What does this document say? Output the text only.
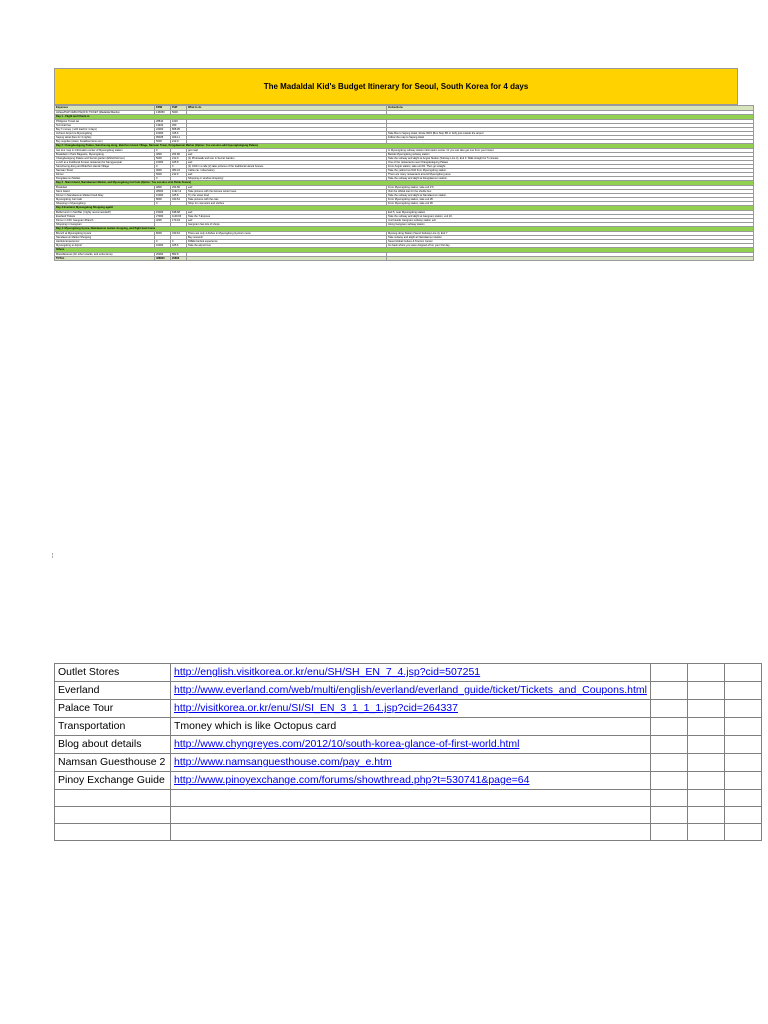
The Madaldal Kid's Budget Itinerary for Seoul, South Korea for 4 days
Expenses	KRW	PHP	What to do	Instructions
Airfare/PHP CEBU PACIFIC TICKET (Madaldal Manila)	136650	5000		
Day 1 - Flight and Check-in				
Philippine Travel tax	28810	1620		
Terminal Fee	13400	450		
Buy T-money ( with load for 4 days)	22000	808.95		
Incheon Airport to Myeongdong	10000	425.6		Take Bus to Sejong Hotel, Route 6015 (Bus Stop 5B or 12A) just outside the airport
Sejong Hotel (fare for 3 nights)	95025	4044.1		Follow the map to Sejong Hotel
Buy supplies (water, breakfast items etc)	5000	212.9		
Day 2: Changdeokgung Palace, Samcheong-dong, Bukchon Hanok Village, Namsan Tower, Dongdaemun Market (Option: You can also add Gyeongbokgung Palace)				
Get tour map in Information center of Myeongdong station	0		get map!	In Myeongdong subway station information center. Or you can also get one from your hostel.
Breakfast in Paris Baguette, Myeongdong	4800	204.86	eat!	Beside Myeongdong subway station
Changdeokgung Palace and Secret garden (ENGLISH tour)	5000	212.9	(1) Photowalk and tour in Secret Garden	Take the subway and alight at Anguk Station (Subway Line 3), Exit 3. Walk straight for 5 minutes.
Lunch at a traditional Korean restaurant for Samgyeopsal	10000	425.8	eat!	One of the restaurants near Changdeokgung Palace
Samcheong-dong and Bukchon Hanok Village	0	0	(1) Chill in a cafe (2) take pictures of the traditional Hanok houses	From Anguk station, take exit #2. Then go straight.
Namsan Tower	9000	383.24	Cable car / observatory	Take the yellow bus N02 from Myeongdong station.
Dinner	5000	212.9	eat!	There are many restaurants around Myeongdong area
Dongdaemun Market	0		Shopping or window shopping!	Take the subway and alight at Dongdaemun station.
Day 3 - Nami Island, Namdaemun Market, and Myeongdong Cat Cafe (Option: You can also visit Petite France)				
Breakfast	4800	204.86	eat!	From Myeongdong station, take exit # 6.
Nami Island	28000	1192.12	Take pictures with the famous winter trees	Visit the official site for the shuttle bus
Dinner in Namdaemun Market Food Alley	10000	425.8	Try the street food	Take the subway and alight at Namdaemun station.
Myeongdong Cat Cafe	8000	340.64	Take pictures with the cats	From Myeongdong station, take exit #6.
Shopping in Myeongdong	0		Shop for cosmetics and clothes	From Myeongdong station, take exit #6
Day 3 Everland, Myeongdong Shopping again!				
Buffet lunch in Sell Bar ( highly recommended!!)	15000	638.68	eat!	Exit 5, near Myeongdong station
Everland Tickets	27000	1149.66	Take the T-Express	Take the subway and alight at Gangnam station, exit 10.
Dinner in KFC Gangnam Branch	4000	170.34	eat!	Just beside Gangnam subway station exit
Shopping in Gangnam			Gangnam has lots of shops	Along Gangnam subway station
Day 4: Myeongdong Gyoza, Namdaemun market shopping, and flight back home				
Brunch at Myeongdong Gyoza	8000	340.64	There are only 4 dishes in Myeongdong Gyoza's menu	Myeong-dong Station (Seoul Subway Line 4), Exit 7
Namdaemun Market Shopping			Buy souvenir	Take subway and alight at Namdaemun station
Hanbok Experience!	0	0	FREE hanbok experience	Seoul Global Culture & Tourism Center
Myeongdong to Airport	10000	425.6	Take the airport bus	Go back where you were dropped off on your first day
Others				
Miscellaneous (for other snacks, and extra items)	20000	852.8		
TOTAL	488800	20806		
¦
Outlet Stores	http://english.visitkorea.or.kr/enu/SH/SH_EN_7_4.jsp?cid=507251			
Everland	http://www.everland.com/web/multi/english/everland/everland_guide/ticket/Tickets_and_Coupons.html			
Palace Tour	http://visitkorea.or.kr/enu/SI/SI_EN_3_1_1_1.jsp?cid=264337			
Transportation	Tmoney which is like Octopus card			
Blog about details	http://www.chyngreyes.com/2012/10/south-korea-glance-of-first-world.html			
Namsan Guesthouse 2	http://www.namsanguesthouse.com/pay_e.htm			
Pinoy Exchange Guide	http://www.pinoyexchange.com/forums/showthread.php?t=530741&page=64			
